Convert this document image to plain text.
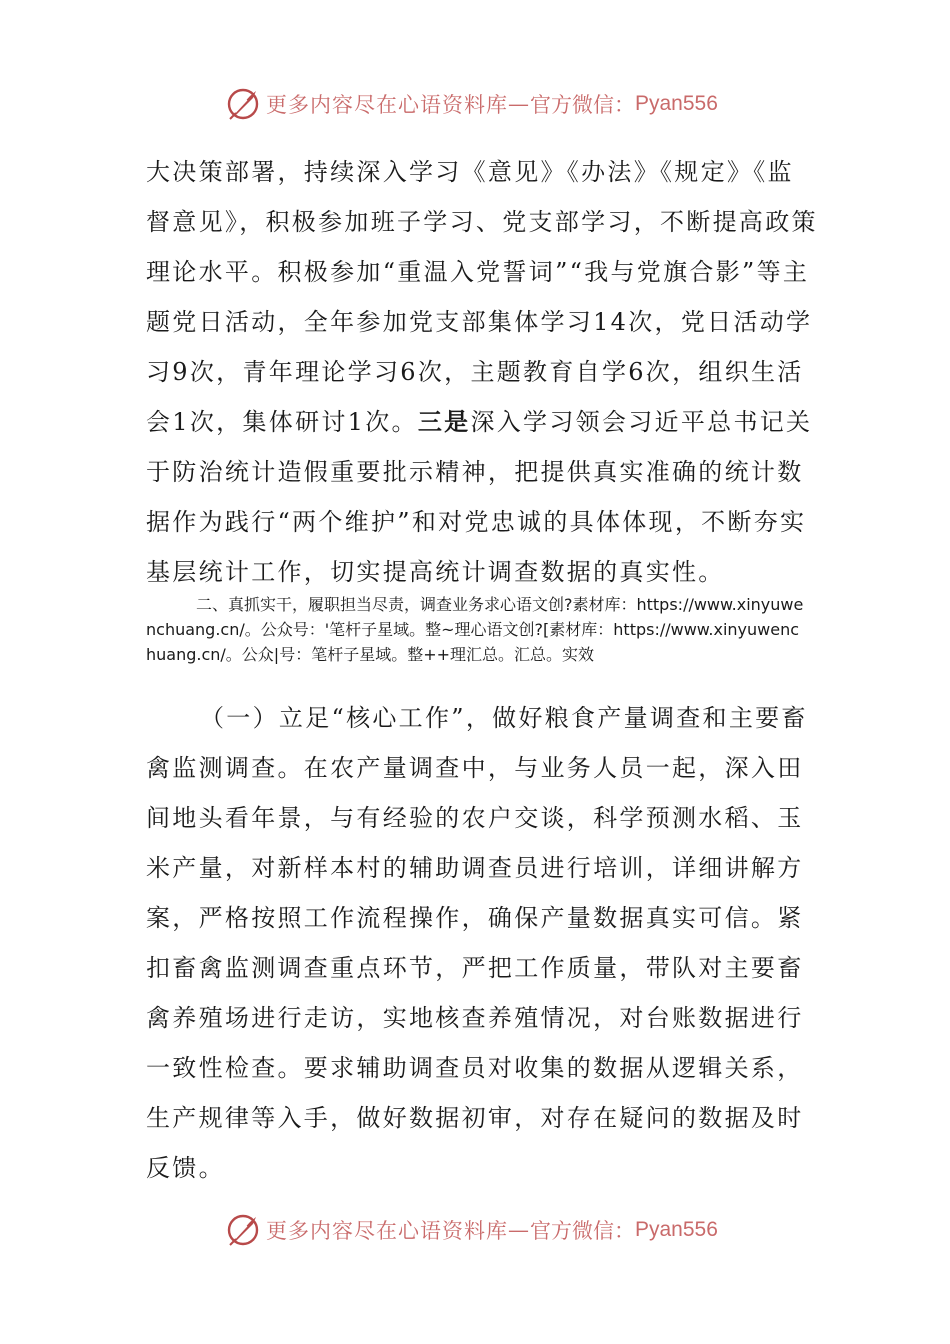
更多内容尽在心语资料库 — 官方微信： Pyan556

大决策部署，持续深入学习《意见》《办法》《规定》《监督意见》，积极参加班子学习、党支部学习，不断提高政策理论水平。积极参加“重温入党誓词”“我与党旗合影”等主题党日活动，全年参加党支部集体学习14次，党日活动学习9次，青年理论学习6次，主题教育自学6次，组织生活会1次，集体研讨1次。三是深入学习领会习近平总书记关于防治统计造假重要批示精神，把提供真实准确的统计数据作为践行“两个维护”和对党忠诚的具体体现，不断夯实基层统计工作，切实提高统计调查数据的真实性。

二、真抓实干，履职担当尽责，调查业务求心语文创?素材库：https://www.xinyuwenchuang.cn/。公众号：'笔杆子星域。整~理心语文创?[素材库：https://www.xinyuwenchuang.cn/。公众|号：笔杆子星域。整++理汇总。汇总。实效

（一）立足“核心工作”，做好粮食产量调查和主要畜禽监测调查。在农产量调查中，与业务人员一起，深入田间地头看年景，与有经验的农户交谈，科学预测水稻、玉米产量，对新样本村的辅助调查员进行培训，详细讲解方案，严格按照工作流程操作，确保产量数据真实可信。紧扣畜禽监测调查重点环节，严把工作质量，带队对主要畜禽养殖场进行走访，实地核查养殖情况，对台账数据进行一致性检查。要求辅助调查员对收集的数据从逻辑关系，生产规律等入手，做好数据初审，对存在疑问的数据及时反馈。

更多内容尽在心语资料库 — 官方微信： Pyan556
